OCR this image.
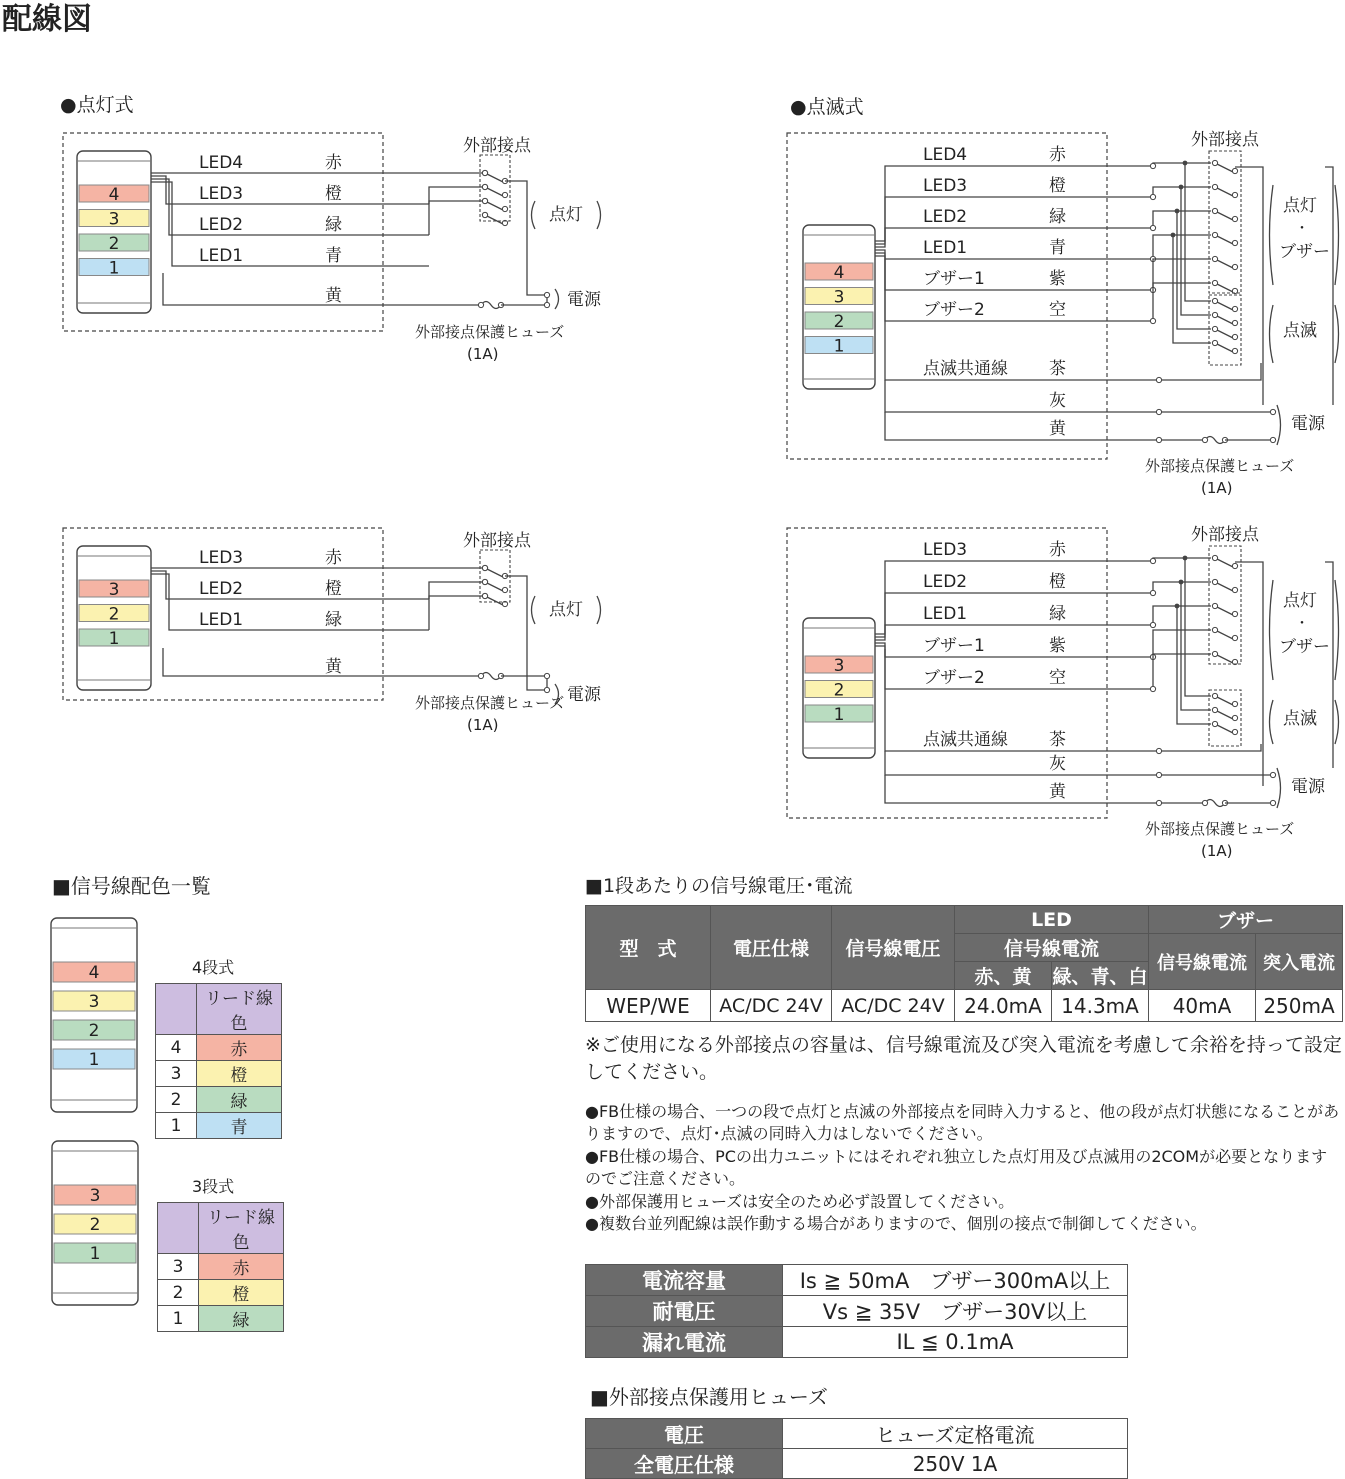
配線図
●点灯式
4
3
2
1
LED4	赤
LED3	橙
LED2	緑
LED1	青
外部接点
点灯
黄	電源
外部接点保護ヒューズ
(1A)
3
2
1
LED3	赤
LED2	橙
LED1	緑
外部接点
点灯
黄
電源
外部接点保護ヒューズ
(1A)
●点滅式
4
3
2
1
LED4	赤
LED3	橙
LED2	緑
LED1	青
ブザー1	紫
ブザー2	空
外部接点
点灯
・
ブザー
点滅
点滅共通線 茶
灰
黄	電源
外部接点保護ヒューズ
(1A)
3
2
1
LED3	赤
LED2	橙
LED1	緑
ブザー1	紫
ブザー2	空
外部接点
点灯
・
ブザー
点滅
点滅共通線 茶
灰
黄	電源
外部接点保護ヒューズ
(1A)
■信号線配色一覧
4
3
2
1
4段式
	リード線色
4	赤
3	橙
2	緑
1	青
3
2
1
3段式
	リード線色
3	赤
2	橙
1	緑
■1段あたりの信号線電圧･電流
型　式	電圧仕様	信号線電圧	LED		ブザー	
			信号線電流		信号線電流	突入電流
			赤、黄	緑、青、白		
WEP/WE	AC/DC 24V	AC/DC 24V	24.0mA	14.3mA	40mA	250mA
※ご使用になる外部接点の容量は、信号線電流及び突入電流を考慮して余裕を持って設定してください。
●FB仕様の場合、一つの段で点灯と点滅の外部接点を同時入力すると、他の段が点灯状態になることがありますので、点灯･点滅の同時入力はしないでください。
●FB仕様の場合、PCの出力ユニットにはそれぞれ独立した点灯用及び点滅用の2COMが必要となりますのでご注意ください。
●外部保護用ヒューズは安全のため必ず設置してください。
●複数台並列配線は誤作動する場合がありますので、個別の接点で制御してください。
電流容量	Is ≧ 50mA　ブザー300mA以上
耐電圧	Vs ≧ 35V　ブザー30V以上
漏れ電流	IL ≦ 0.1mA
■外部接点保護用ヒューズ
電圧	ヒューズ定格電流
全電圧仕様	250V 1A
